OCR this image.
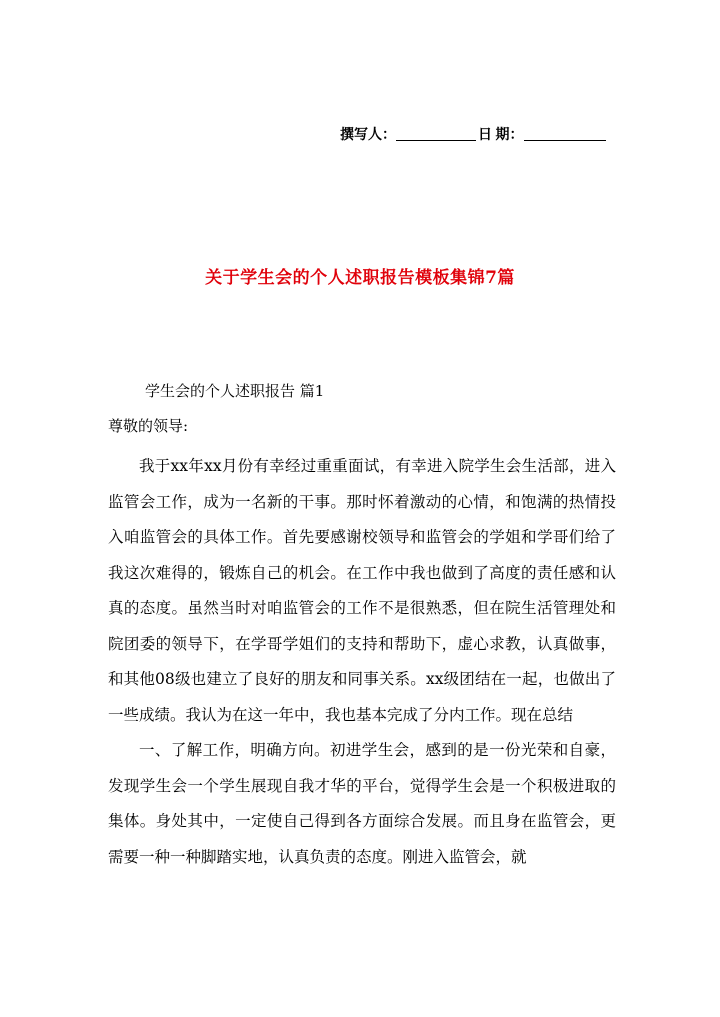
撰写人：	日 期：
关于学生会的个人述职报告模板集锦7篇
学生会的个人述职报告 篇1
尊敬的领导:

我于xx年xx月份有幸经过重重面试，有幸进入院学生会生活部，进入监管会工作，成为一名新的干事。那时怀着激动的心情，和饱满的热情投入咱监管会的具体工作。首先要感谢校领导和监管会的学姐和学哥们给了我这次难得的，锻炼自己的机会。在工作中我也做到了高度的责任感和认真的态度。虽然当时对咱监管会的工作不是很熟悉，但在院生活管理处和院团委的领导下，在学哥学姐们的支持和帮助下，虚心求教，认真做事，和其他08级也建立了良好的朋友和同事关系。xx级团结在一起，也做出了一些成绩。我认为在这一年中，我也基本完成了分内工作。现在总结

一、了解工作，明确方向。初进学生会，感到的是一份光荣和自豪，发现学生会一个学生展现自我才华的平台，觉得学生会是一个积极进取的集体。身处其中，一定使自己得到各方面综合发展。而且身在监管会，更需要一种一种脚踏实地，认真负责的态度。刚进入监管会，就
